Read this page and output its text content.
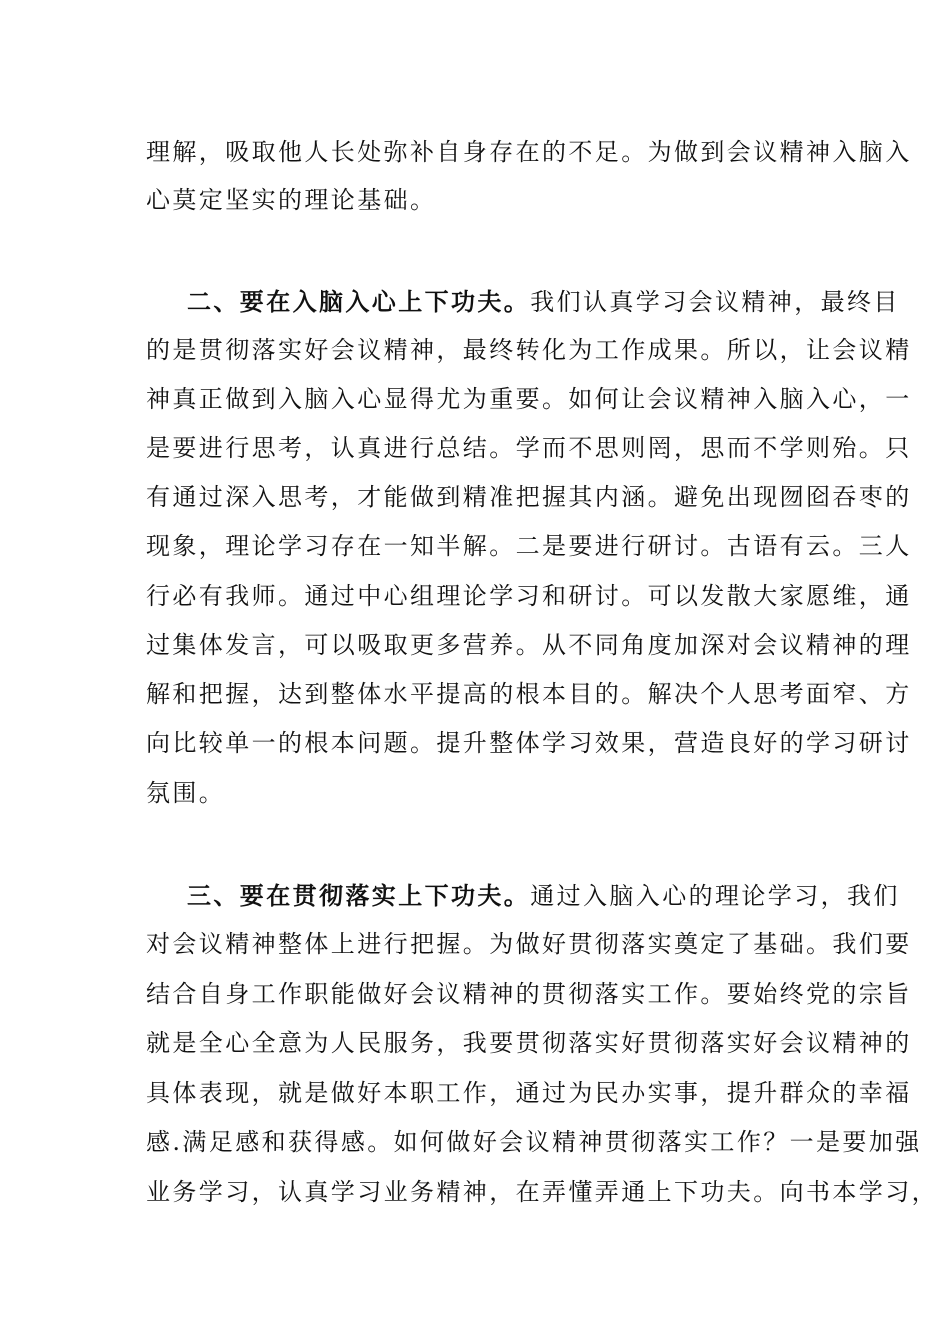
理解，吸取他人长处弥补自身存在的不足。为做到会议精神入脑入
心莫定坚实的理论基础。
二、要在入脑入心上下功夫。我们认真学习会议精神，最终目
的是贯彻落实好会议精神，最终转化为工作成果。所以，让会议精
神真正做到入脑入心显得尤为重要。如何让会议精神入脑入心，一
是要进行思考，认真进行总结。学而不思则罔，思而不学则殆。只
有通过深入思考，才能做到精准把握其内涵。避免出现囫囵吞枣的
现象，理论学习存在一知半解。二是要进行研讨。古语有云。三人
行必有我师。通过中心组理论学习和研讨。可以发散大家愿维，通
过集体发言，可以吸取更多营养。从不同角度加深对会议精神的理
解和把握，达到整体水平提高的根本目的。解决个人思考面窄、方
向比较单一的根本问题。提升整体学习效果，营造良好的学习研讨
氛围。
三、要在贯彻落实上下功夫。通过入脑入心的理论学习，我们
对会议精神整体上进行把握。为做好贯彻落实奠定了基础。我们要
结合自身工作职能做好会议精神的贯彻落实工作。要始终党的宗旨
就是全心全意为人民服务，我要贯彻落实好贯彻落实好会议精神的
具体表现，就是做好本职工作，通过为民办实事，提升群众的幸福
感.满足感和获得感。如何做好会议精神贯彻落实工作？一是要加强
业务学习，认真学习业务精神，在弄懂弄通上下功夫。向书本学习，
